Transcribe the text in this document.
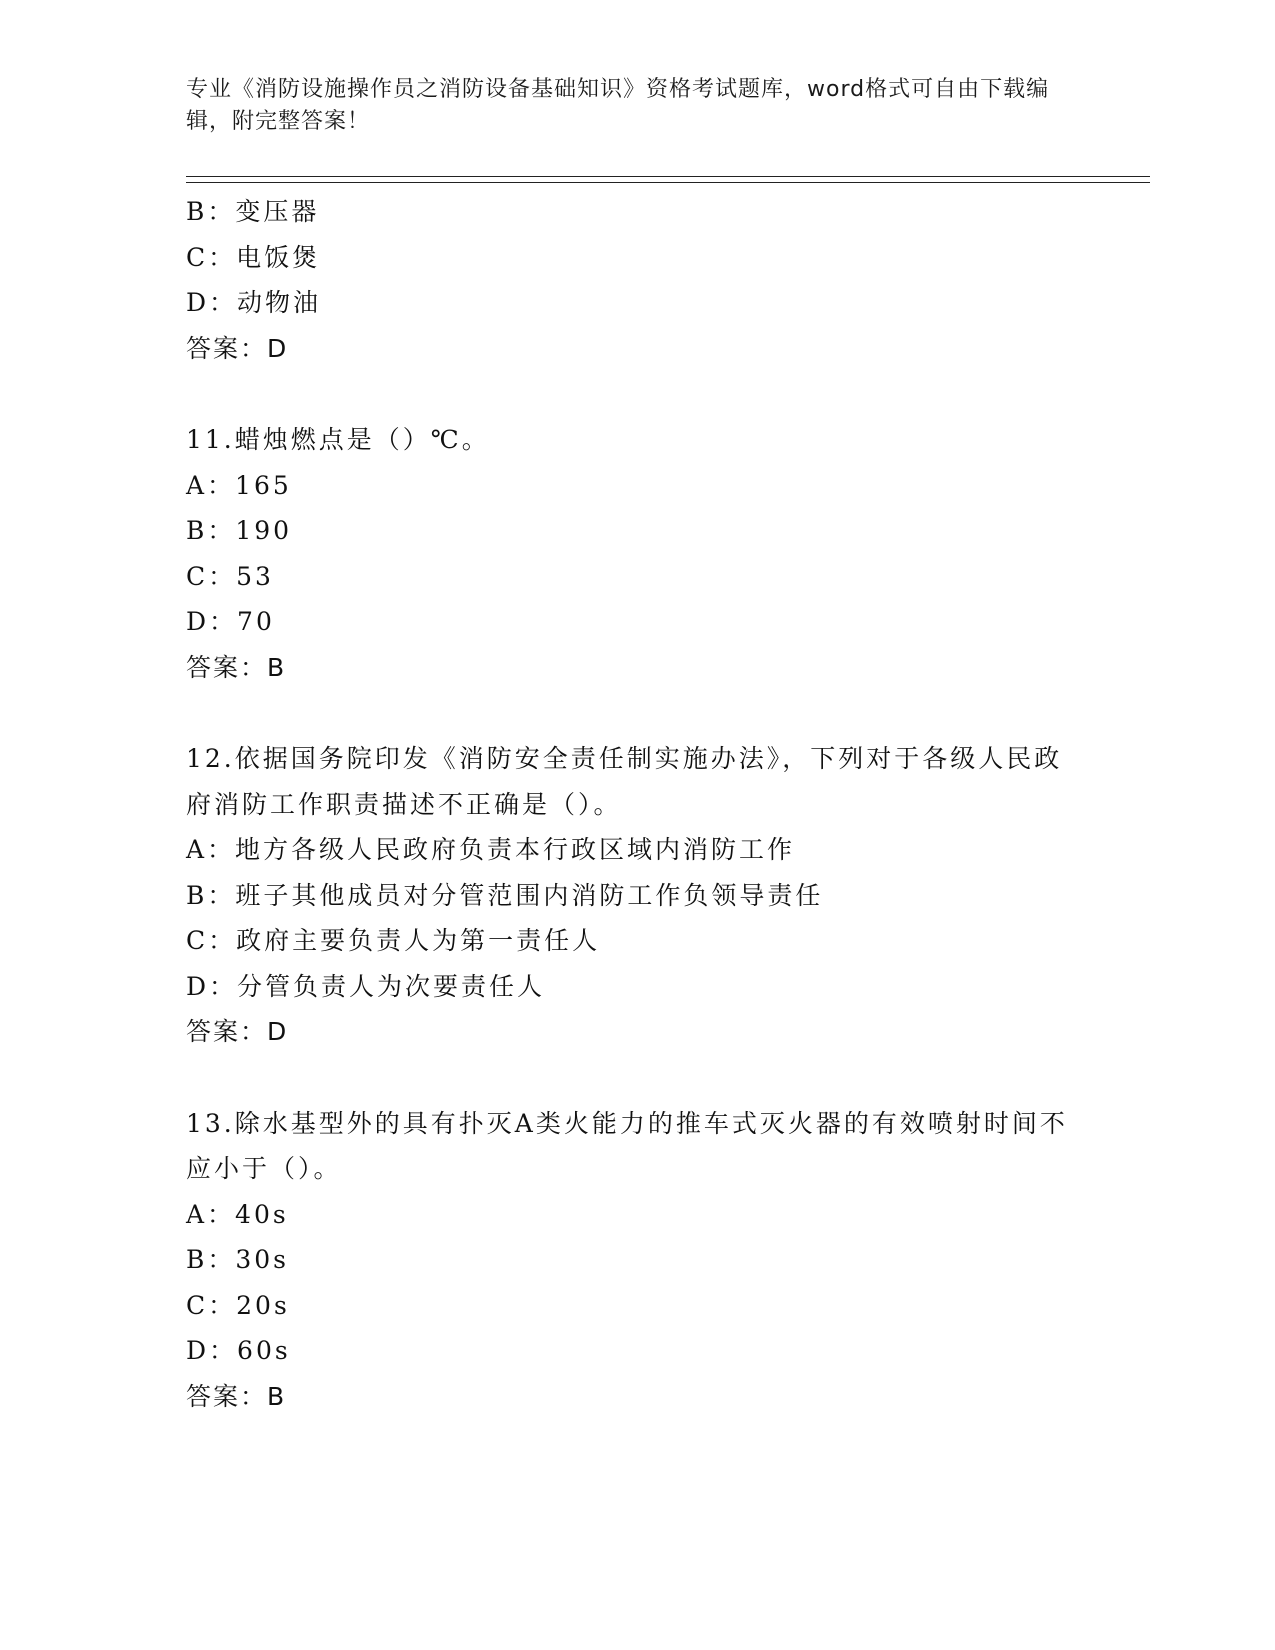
专业《消防设施操作员之消防设备基础知识》资格考试题库，word格式可自由下载编辑，附完整答案！
B：变压器
C：电饭煲
D：动物油
答案：D
11.蜡烛燃点是（）℃。
A：165
B：190
C：53
D：70
答案：B
12.依据国务院印发《消防安全责任制实施办法》，下列对于各级人民政府消防工作职责描述不正确是（）。
A：地方各级人民政府负责本行政区域内消防工作
B：班子其他成员对分管范围内消防工作负领导责任
C：政府主要负责人为第一责任人
D：分管负责人为次要责任人
答案：D
13.除水基型外的具有扑灭A类火能力的推车式灭火器的有效喷射时间不应小于（）。
A：40s
B：30s
C：20s
D：60s
答案：B
